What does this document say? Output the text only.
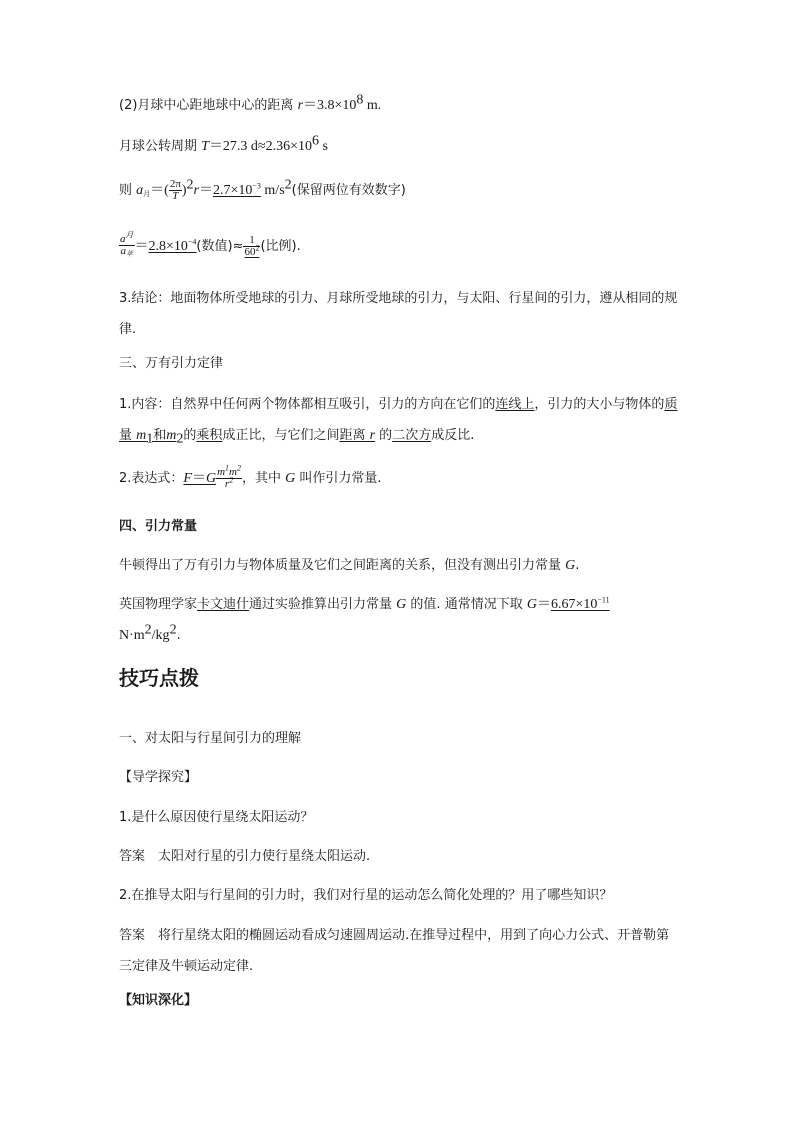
(2)月球中心距地球中心的距离 $r=3.8\times 10^8$ m.
月球公转周期 T＝27.3 $d\approx 2.36\times 10^6$ s
则 a月＝( $\frac{2\pi}{T} )^2r=2.7\times 10^{-3}$ $m/s^2$(保留两位有效数字)
$\frac{a^月}{\text{a苹}} =2.8\times 10^{-4}$(数值)≈ $\frac{1}{60^2}$ (比例).
3.结论：地面物体所受地球的引力、月球所受地球的引力，与太阳、行星间的引力，遵从相同的规律.
三、万有引力定律
1.内容：自然界中任何两个物体都相互吸引，引力的方向在它们的连线上，引力的大小与物体的质量 $m_1$和$m_2$的乘积成正比，与它们之间距离 r 的二次方成反比.
2.表达式：$F=G \frac{m^1m^2}{r^2}$ ，其中 G 叫作引力常量.
四、引力常量
牛顿得出了万有引力与物体质量及它们之间距离的关系，但没有测出引力常量 G.
英国物理学家卡文迪什通过实验推算出引力常量 G 的值. 通常情况下取 $G=6.67\times 10^{-11}$
$N\cdot m^2/kg^2$.
技巧点拨
一、对太阳与行星间引力的理解
【导学探究】
1.是什么原因使行星绕太阳运动？
答案　 太阳对行星的引力使行星绕太阳运动.
2.在推导太阳与行星间的引力时，我们对行星的运动怎么简化处理的？用了哪些知识？
答案　 将行星绕太阳的椭圆运动看成匀速圆周运动.在推导过程中，用到了向心力公式、开普勒第三定律及牛顿运动定律.
【知识深化】
